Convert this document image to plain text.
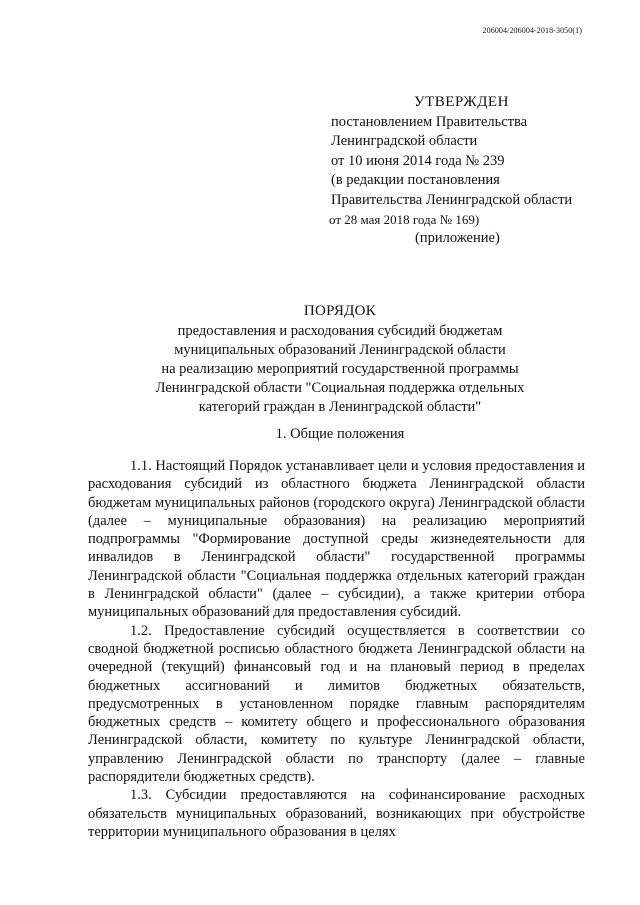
206004/206004-2018-3050(1)
УТВЕРЖДЕН
постановлением Правительства
Ленинградской области
от 10 июня 2014 года № 239
(в редакции постановления
Правительства Ленинградской области
от 28 мая 2018 года № 169)
(приложение)
ПОРЯДОК
предоставления и расходования субсидий бюджетам
муниципальных образований Ленинградской области
на реализацию мероприятий государственной программы
Ленинградской области "Социальная поддержка отдельных
категорий граждан в Ленинградской области"
1. Общие положения

1.1. Настоящий Порядок устанавливает цели и условия предоставления и расходования субсидий из областного бюджета Ленинградской области бюджетам муниципальных районов (городского округа) Ленинградской области (далее – муниципальные образования) на реализацию мероприятий подпрограммы "Формирование доступной среды жизнедеятельности для инвалидов в Ленинградской области" государственной программы Ленинградской области "Социальная поддержка отдельных категорий граждан в Ленинградской области" (далее – субсидии), а также критерии отбора муниципальных образований для предоставления субсидий.

1.2. Предоставление субсидий осуществляется в соответствии со сводной бюджетной росписью областного бюджета Ленинградской области на очередной (текущий) финансовый год и на плановый период в пределах бюджетных ассигнований и лимитов бюджетных обязательств, предусмотренных в установленном порядке главным распорядителям бюджетных средств – комитету общего и профессионального образования Ленинградской области, комитету по культуре Ленинградской области, управлению Ленинградской области по транспорту (далее – главные распорядители бюджетных средств).

1.3. Субсидии предоставляются на софинансирование расходных обязательств муниципальных образований, возникающих при обустройстве территории муниципального образования в целях
